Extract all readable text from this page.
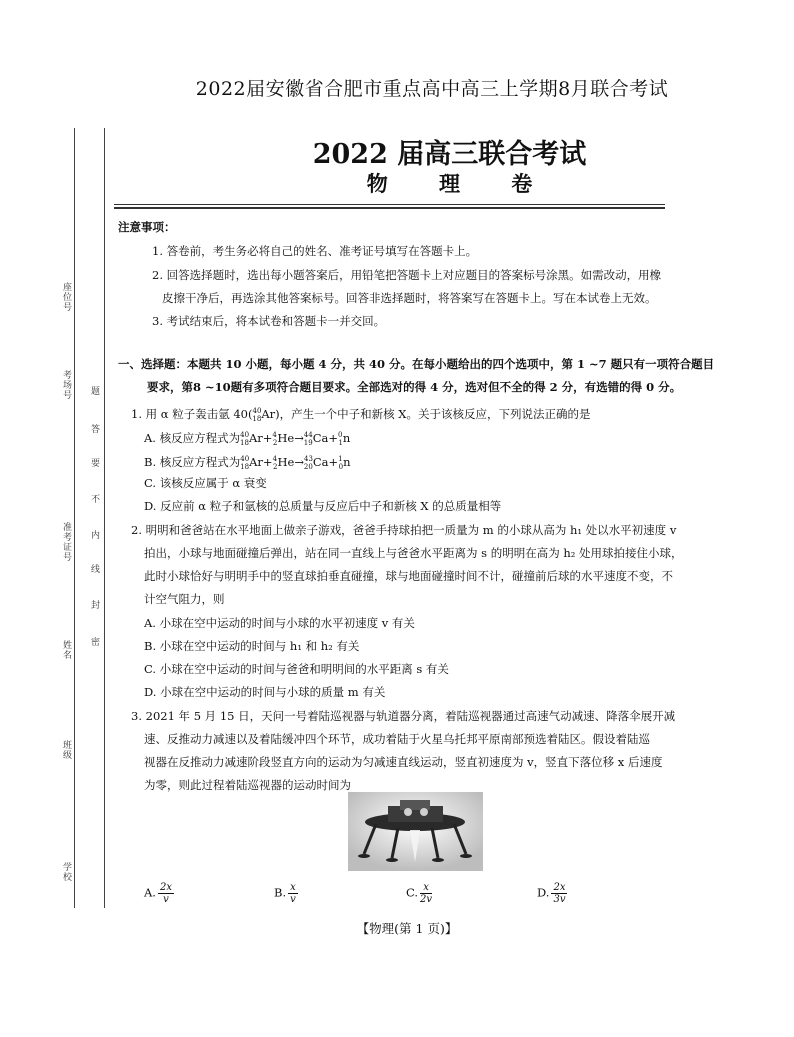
2022届安徽省合肥市重点高中高三上学期8月联合考试
座位号
考场号
准考证号
姓名
班级
学校
题
答
要
不
内
线
封
密
2022 届高三联合考试
物 理 卷
注意事项：
1. 答卷前，考生务必将自己的姓名、准考证号填写在答题卡上。
2. 回答选择题时，选出每小题答案后，用铅笔把答题卡上对应题目的答案标号涂黑。如需改动，用橡
皮擦干净后，再选涂其他答案标号。回答非选择题时，将答案写在答题卡上。写在本试卷上无效。
3. 考试结束后，将本试卷和答题卡一并交回。
一、选择题：本题共 10 小题，每小题 4 分，共 40 分。在每小题给出的四个选项中，第 1 ~7 题只有一项符合题目
要求，第8 ~10题有多项符合题目要求。全部选对的得 4 分，选对但不全的得 2 分，有选错的得 0 分。
1. 用 α 粒子轰击氩 40($^{40}_{18}$Ar)，产生一个中子和新核 X。关于该核反应，下列说法正确的是
A. 核反应方程式为$^{40}_{18}$Ar+$^4_2$He→$^{44}_{19}$Ca+$^0_1$n
B. 核反应方程式为$^{40}_{18}$Ar+$^4_2$He→$^{43}_{20}$Ca+$^1_0$n
C. 该核反应属于 α 衰变
D. 反应前 α 粒子和氩核的总质量与反应后中子和新核 X 的总质量相等
2. 明明和爸爸站在水平地面上做亲子游戏，爸爸手持球拍把一质量为 m 的小球从高为 h₁ 处以水平初速度 v
拍出，小球与地面碰撞后弹出，站在同一直线上与爸爸水平距离为 s 的明明在高为 h₂ 处用球拍接住小球，
此时小球恰好与明明手中的竖直球拍垂直碰撞，球与地面碰撞时间不计，碰撞前后球的水平速度不变，不
计空气阻力，则
A. 小球在空中运动的时间与小球的水平初速度 v 有关
B. 小球在空中运动的时间与 h₁ 和 h₂ 有关
C. 小球在空中运动的时间与爸爸和明明间的水平距离 s 有关
D. 小球在空中运动的时间与小球的质量 m 有关
3. 2021 年 5 月 15 日，天问一号着陆巡视器与轨道器分离，着陆巡视器通过高速气动减速、降落伞展开减
速、反推动力减速以及着陆缓冲四个环节，成功着陆于火星乌托邦平原南部预选着陆区。假设着陆巡
视器在反推动力减速阶段竖直方向的运动为匀减速直线运动，竖直初速度为 v，竖直下落位移 x 后速度
为零，则此过程着陆巡视器的运动时间为
A. $\frac{2x}{v}$	B. $\frac{x}{v}$	C. $\frac{x}{2v}$	D. $\frac{2x}{3v}$
【物理(第 1 页)】
